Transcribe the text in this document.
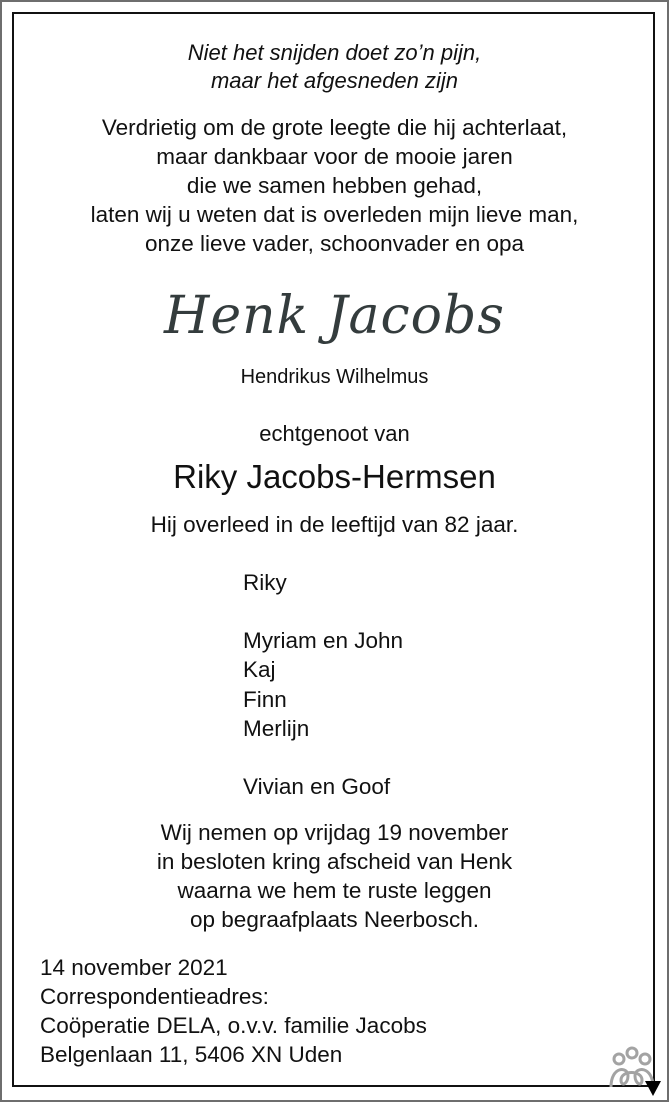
Niet het snijden doet zo’n pijn,
maar het afgesneden zijn
Verdrietig om de grote leegte die hij achterlaat,
maar dankbaar voor de mooie jaren
die we samen hebben gehad,
laten wij u weten dat is overleden mijn lieve man,
onze lieve vader, schoonvader en opa
Henk Jacobs
Hendrikus Wilhelmus
echtgenoot van
Riky Jacobs-Hermsen
Hij overleed in de leeftijd van 82 jaar.
Riky
Myriam en John
Kaj
Finn
Merlijn
Vivian en Goof
Wij nemen op vrijdag 19 november
in besloten kring afscheid van Henk
waarna we hem te ruste leggen
op begraafplaats Neerbosch.
14 november 2021
Correspondentieadres:
Coöperatie DELA, o.v.v. familie Jacobs
Belgenlaan 11, 5406 XN Uden
